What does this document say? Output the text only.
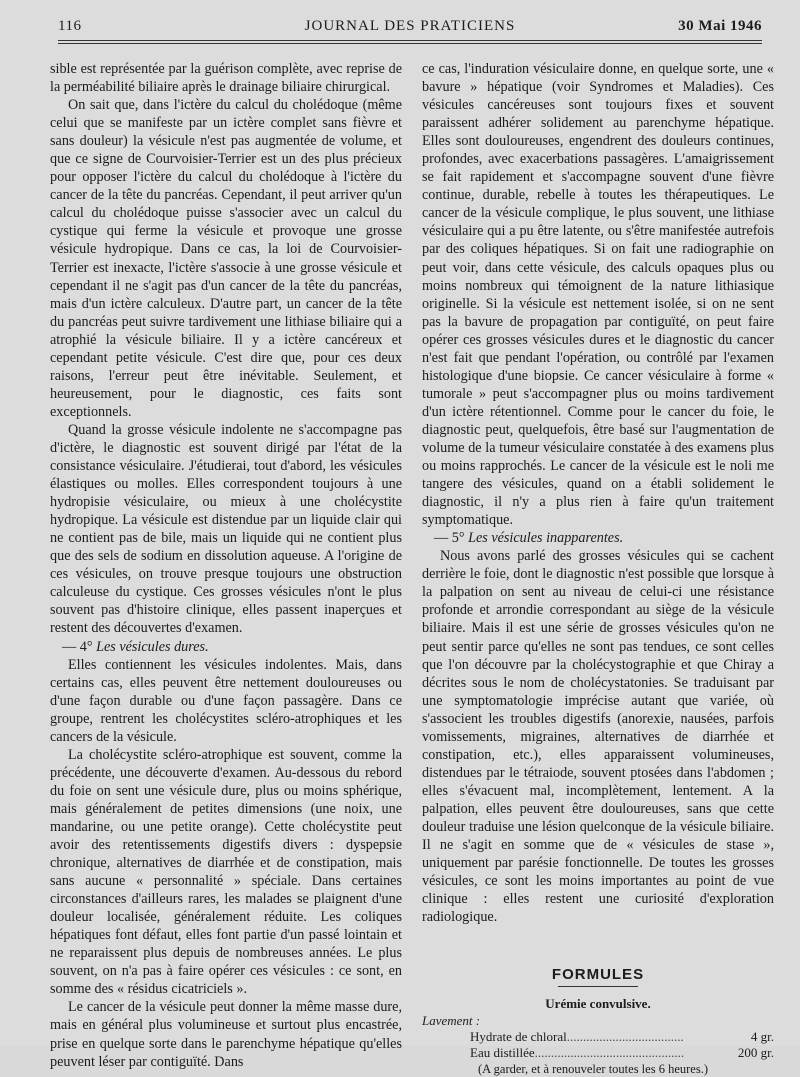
116	JOURNAL DES PRATICIENS	30 Mai 1946

sible est représentée par la guérison complète, avec reprise de la perméabilité biliaire après le drainage biliaire chirurgical.

On sait que, dans l'ictère du calcul du cholédoque (même celui que se manifeste par un ictère complet sans fièvre et sans douleur) la vésicule n'est pas augmentée de volume, et que ce signe de Courvoisier-Terrier est un des plus précieux pour opposer l'ictère du calcul du cholédoque à l'ictère du cancer de la tête du pancréas. Cependant, il peut arriver qu'un calcul du cholédoque puisse s'associer avec un calcul du cystique qui ferme la vésicule et provoque une grosse vésicule hydropique. Dans ce cas, la loi de Courvoisier-Terrier est inexacte, l'ictère s'associe à une grosse vésicule et cependant il ne s'agit pas d'un cancer de la tête du pancréas, mais d'un ictère calculeux. D'autre part, un cancer de la tête du pancréas peut suivre tardivement une lithiase biliaire qui a atrophié la vésicule biliaire. Il y a ictère cancéreux et cependant petite vésicule. C'est dire que, pour ces deux raisons, l'erreur peut être inévitable. Seulement, et heureusement, pour le diagnostic, ces faits sont exceptionnels.

Quand la grosse vésicule indolente ne s'accompagne pas d'ictère, le diagnostic est souvent dirigé par l'état de la consistance vésiculaire. J'étudierai, tout d'abord, les vésicules élastiques ou molles. Elles correspondent toujours à une hydropisie vésiculaire, ou mieux à une cholécystite hydropique. La vésicule est distendue par un liquide clair qui ne contient pas de bile, mais un liquide qui ne contient plus que des sels de sodium en dissolution aqueuse. A l'origine de ces vésicules, on trouve presque toujours une obstruction calculeuse du cystique. Ces grosses vésicules n'ont le plus souvent pas d'histoire clinique, elles passent inaperçues et restent des découvertes d'examen.

— 4° Les vésicules dures.

Elles contiennent les vésicules indolentes. Mais, dans certains cas, elles peuvent être nettement douloureuses ou d'une façon durable ou d'une façon passagère. Dans ce groupe, rentrent les cholécystites scléro-atrophiques et les cancers de la vésicule.

La cholécystite scléro-atrophique est souvent, comme la précédente, une découverte d'examen. Au-dessous du rebord du foie on sent une vésicule dure, plus ou moins sphérique, mais généralement de petites dimensions (une noix, une mandarine, ou une petite orange). Cette cholécystite peut avoir des retentissements digestifs divers : dyspepsie chronique, alternatives de diarrhée et de constipation, mais sans aucune « personnalité » spéciale. Dans certaines circonstances d'ailleurs rares, les malades se plaignent d'une douleur localisée, généralement réduite. Les coliques hépatiques font défaut, elles font partie d'un passé lointain et ne reparaissent plus depuis de nombreuses années. Le plus souvent, on n'a pas à faire opérer ces vésicules : ce sont, en somme des « résidus cicatriciels ».

Le cancer de la vésicule peut donner la même masse dure, mais en général plus volumineuse et surtout plus encastrée, prise en quelque sorte dans le parenchyme hépatique qu'elles peuvent léser par contiguïté. Dans

ce cas, l'induration vésiculaire donne, en quelque sorte, une « bavure » hépatique (voir Syndromes et Maladies). Ces vésicules cancéreuses sont toujours fixes et souvent paraissent adhérer solidement au parenchyme hépatique. Elles sont douloureuses, engendrent des douleurs continues, profondes, avec exacerbations passagères. L'amaigrissement se fait rapidement et s'accompagne souvent d'une fièvre continue, durable, rebelle à toutes les thérapeutiques. Le cancer de la vésicule complique, le plus souvent, une lithiase vésiculaire qui a pu être latente, ou s'être manifestée autrefois par des coliques hépatiques. Si on fait une radiographie on peut voir, dans cette vésicule, des calculs opaques plus ou moins nombreux qui témoignent de la nature lithiasique originelle. Si la vésicule est nettement isolée, si on ne sent pas la bavure de propagation par contiguïté, on peut faire opérer ces grosses vésicules dures et le diagnostic du cancer n'est fait que pendant l'opération, ou contrôlé par l'examen histologique d'une biopsie. Ce cancer vésiculaire à forme « tumorale » peut s'accompagner plus ou moins tardivement d'un ictère rétentionnel. Comme pour le cancer du foie, le diagnostic peut, quelquefois, être basé sur l'augmentation de volume de la tumeur vésiculaire constatée à des examens plus ou moins rapprochés. Le cancer de la vésicule est le noli me tangere des vésicules, quand on a établi solidement le diagnostic, il n'y a plus rien à faire qu'un traitement symptomatique.

— 5° Les vésicules inapparentes.

Nous avons parlé des grosses vésicules qui se cachent derrière le foie, dont le diagnostic n'est possible que lorsque à la palpation on sent au niveau de celui-ci une résistance profonde et arrondie correspondant au siège de la vésicule biliaire. Mais il est une série de grosses vésicules qu'on ne peut sentir parce qu'elles ne sont pas tendues, ce sont celles que l'on découvre par la cholécystographie et que Chiray a décrites sous le nom de cholécystatonies. Se traduisant par une symptomatologie imprécise autant que variée, où s'associent les troubles digestifs (anorexie, nausées, parfois vomissements, migraines, alternatives de diarrhée et constipation, etc.), elles apparaissent volumineuses, distendues par le tétraiode, souvent ptosées dans l'abdomen ; elles s'évacuent mal, incomplètement, lentement. A la palpation, elles peuvent être douloureuses, sans que cette douleur traduise une lésion quelconque de la vésicule biliaire. Il ne s'agit en somme que de « vésicules de stase », uniquement par parésie fonctionnelle. De toutes les grosses vésicules, ce sont les moins importantes au point de vue clinique : elles restent une curiosité d'exploration radiologique.

FORMULES
Urémie convulsive.
Lavement :
Hydrate de chloral ....................................	4 gr.
Eau distillée ..............................................	200 gr.
(A garder, et à renouveler toutes les 6 heures.)
